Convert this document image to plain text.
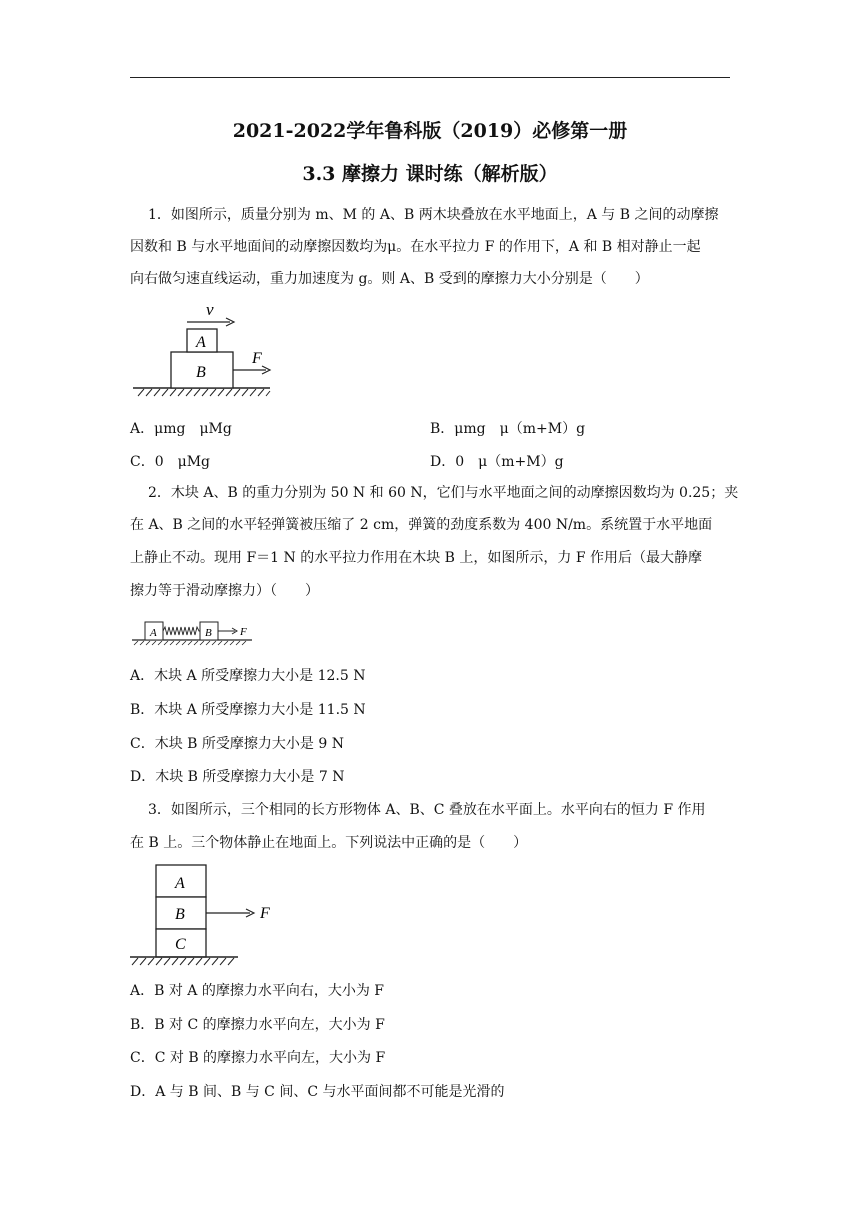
2021-2022学年鲁科版（2019）必修第一册
3.3 摩擦力 课时练（解析版）
1．如图所示，质量分别为 m、M 的 A、B 两木块叠放在水平地面上，A 与 B 之间的动摩擦
因数和 B 与水平地面间的动摩擦因数均为μ。在水平拉力 F 的作用下，A 和 B 相对静止一起
向右做匀速直线运动，重力加速度为 g。则 A、B 受到的摩擦力大小分别是（　　）
A
B
v
F
A．μmg　μMg	B．μmg　μ（m+M）g
C．0　μMg	D．0　μ（m+M）g
2．木块 A、B 的重力分别为 50 N 和 60 N，它们与水平地面之间的动摩擦因数均为 0.25；夹
在 A、B 之间的水平轻弹簧被压缩了 2 cm，弹簧的劲度系数为 400 N/m。系统置于水平地面
上静止不动。现用 F＝1 N 的水平拉力作用在木块 B 上，如图所示，力 F 作用后（最大静摩
擦力等于滑动摩擦力）（　　）
A	B	F
A．木块 A 所受摩擦力大小是 12.5 N
B．木块 A 所受摩擦力大小是 11.5 N
C．木块 B 所受摩擦力大小是 9 N
D．木块 B 所受摩擦力大小是 7 N
3．如图所示，三个相同的长方形物体 A、B、C 叠放在水平面上。水平向右的恒力 F 作用
在 B 上。三个物体静止在地面上。下列说法中正确的是（　　）
A
B
C
F
A．B 对 A 的摩擦力水平向右，大小为 F
B．B 对 C 的摩擦力水平向左，大小为 F
C．C 对 B 的摩擦力水平向左，大小为 F
D．A 与 B 间、B 与 C 间、C 与水平面间都不可能是光滑的
